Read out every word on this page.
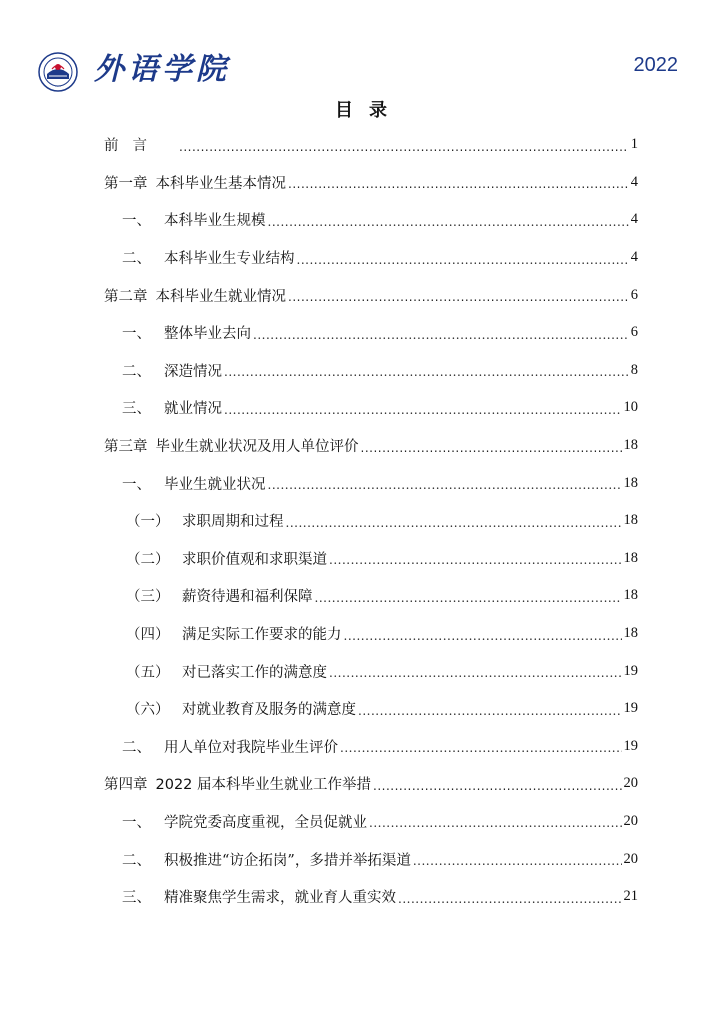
····· 外语学院	2022
目 录
前言 .....	1
第一章 本科毕业生基本情况 .....	4
一、 本科毕业生规模 .....	4
二、 本科毕业生专业结构 .....	4
第二章 本科毕业生就业情况 .....	6
一、 整体毕业去向 .....	6
二、 深造情况 .....	8
三、 就业情况 .....	10
第三章 毕业生就业状况及用人单位评价 .....	18
一、 毕业生就业状况 .....	18
（一） 求职周期和过程 .....	18
（二） 求职价值观和求职渠道 .....	18
（三） 薪资待遇和福利保障 .....	18
（四） 满足实际工作要求的能力 .....	18
（五） 对已落实工作的满意度 .....	19
（六） 对就业教育及服务的满意度 .....	19
二、 用人单位对我院毕业生评价 .....	19
第四章 2022 届本科毕业生就业工作举措 .....	20
一、 学院党委高度重视，全员促就业 .....	20
二、 积极推进“访企拓岗”，多措并举拓渠道 .....	20
三、 精准聚焦学生需求，就业育人重实效 .....	21
